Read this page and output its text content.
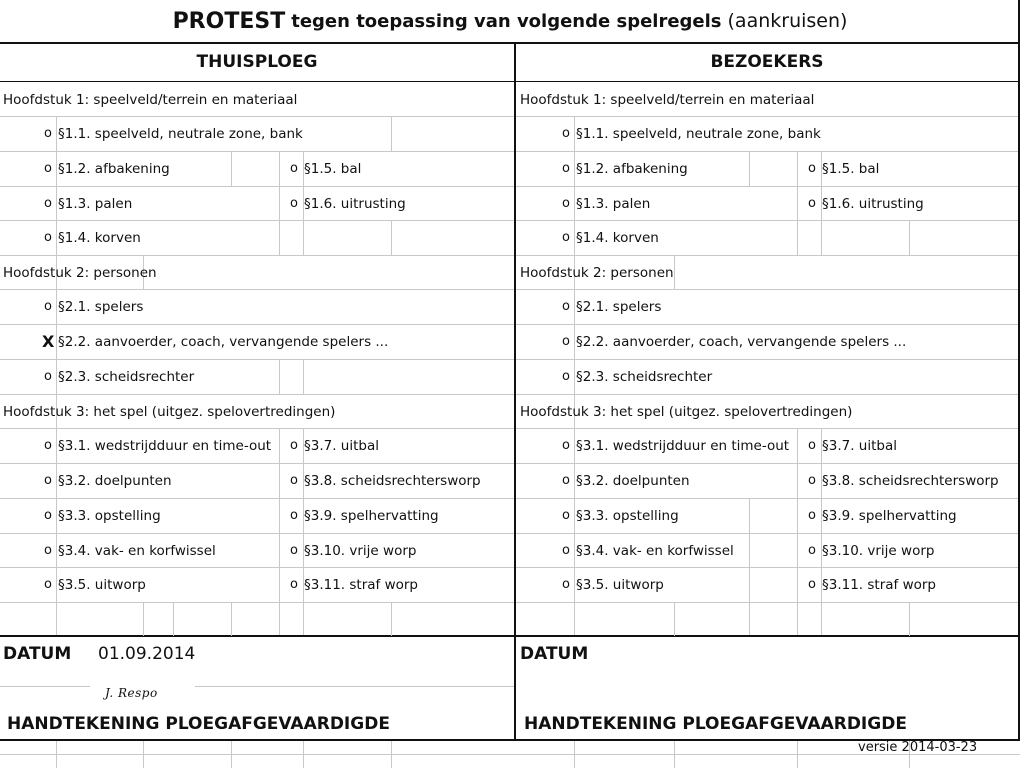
PROTEST tegen toepassing van volgende spelregels (aankruisen)
THUISPLOEG	BEZOEKERS
Hoofdstuk 1: speelveld/terrein en materiaal
o §1.1. speelveld, neutrale zone, bank
o §1.2. afbakening	o §1.5. bal
o §1.3. palen	o §1.6. uitrusting
o §1.4. korven
Hoofdstuk 2: personen
o §2.1. spelers
X §2.2. aanvoerder, coach, vervangende spelers ...
o §2.3. scheidsrechter
Hoofdstuk 3: het spel (uitgez. spelovertredingen)
o §3.1. wedstrijdduur en time-out o §3.7. uitbal
o §3.2. doelpunten	o §3.8. scheidsrechtersworp
o §3.3. opstelling	o §3.9. spelhervatting
o §3.4. vak- en korfwissel	o §3.10. vrije worp
o §3.5. uitworp	o §3.11. straf worp
DATUM 01.09.2014
J. Respo
HANDTEKENING PLOEGAFGEVAARDIGDE
Hoofdstuk 1: speelveld/terrein en materiaal
o §1.1. speelveld, neutrale zone, bank
o §1.2. afbakening	o §1.5. bal
o §1.3. palen	o §1.6. uitrusting
o §1.4. korven
Hoofdstuk 2: personen
o §2.1. spelers
o §2.2. aanvoerder, coach, vervangende spelers ...
o §2.3. scheidsrechter
Hoofdstuk 3: het spel (uitgez. spelovertredingen)
o §3.1. wedstrijdduur en time-out o §3.7. uitbal
o §3.2. doelpunten	o §3.8. scheidsrechtersworp
o §3.3. opstelling	o §3.9. spelhervatting
o §3.4. vak- en korfwissel	o §3.10. vrije worp
o §3.5. uitworp	o §3.11. straf worp
DATUM
HANDTEKENING PLOEGAFGEVAARDIGDE
versie 2014-03-23
